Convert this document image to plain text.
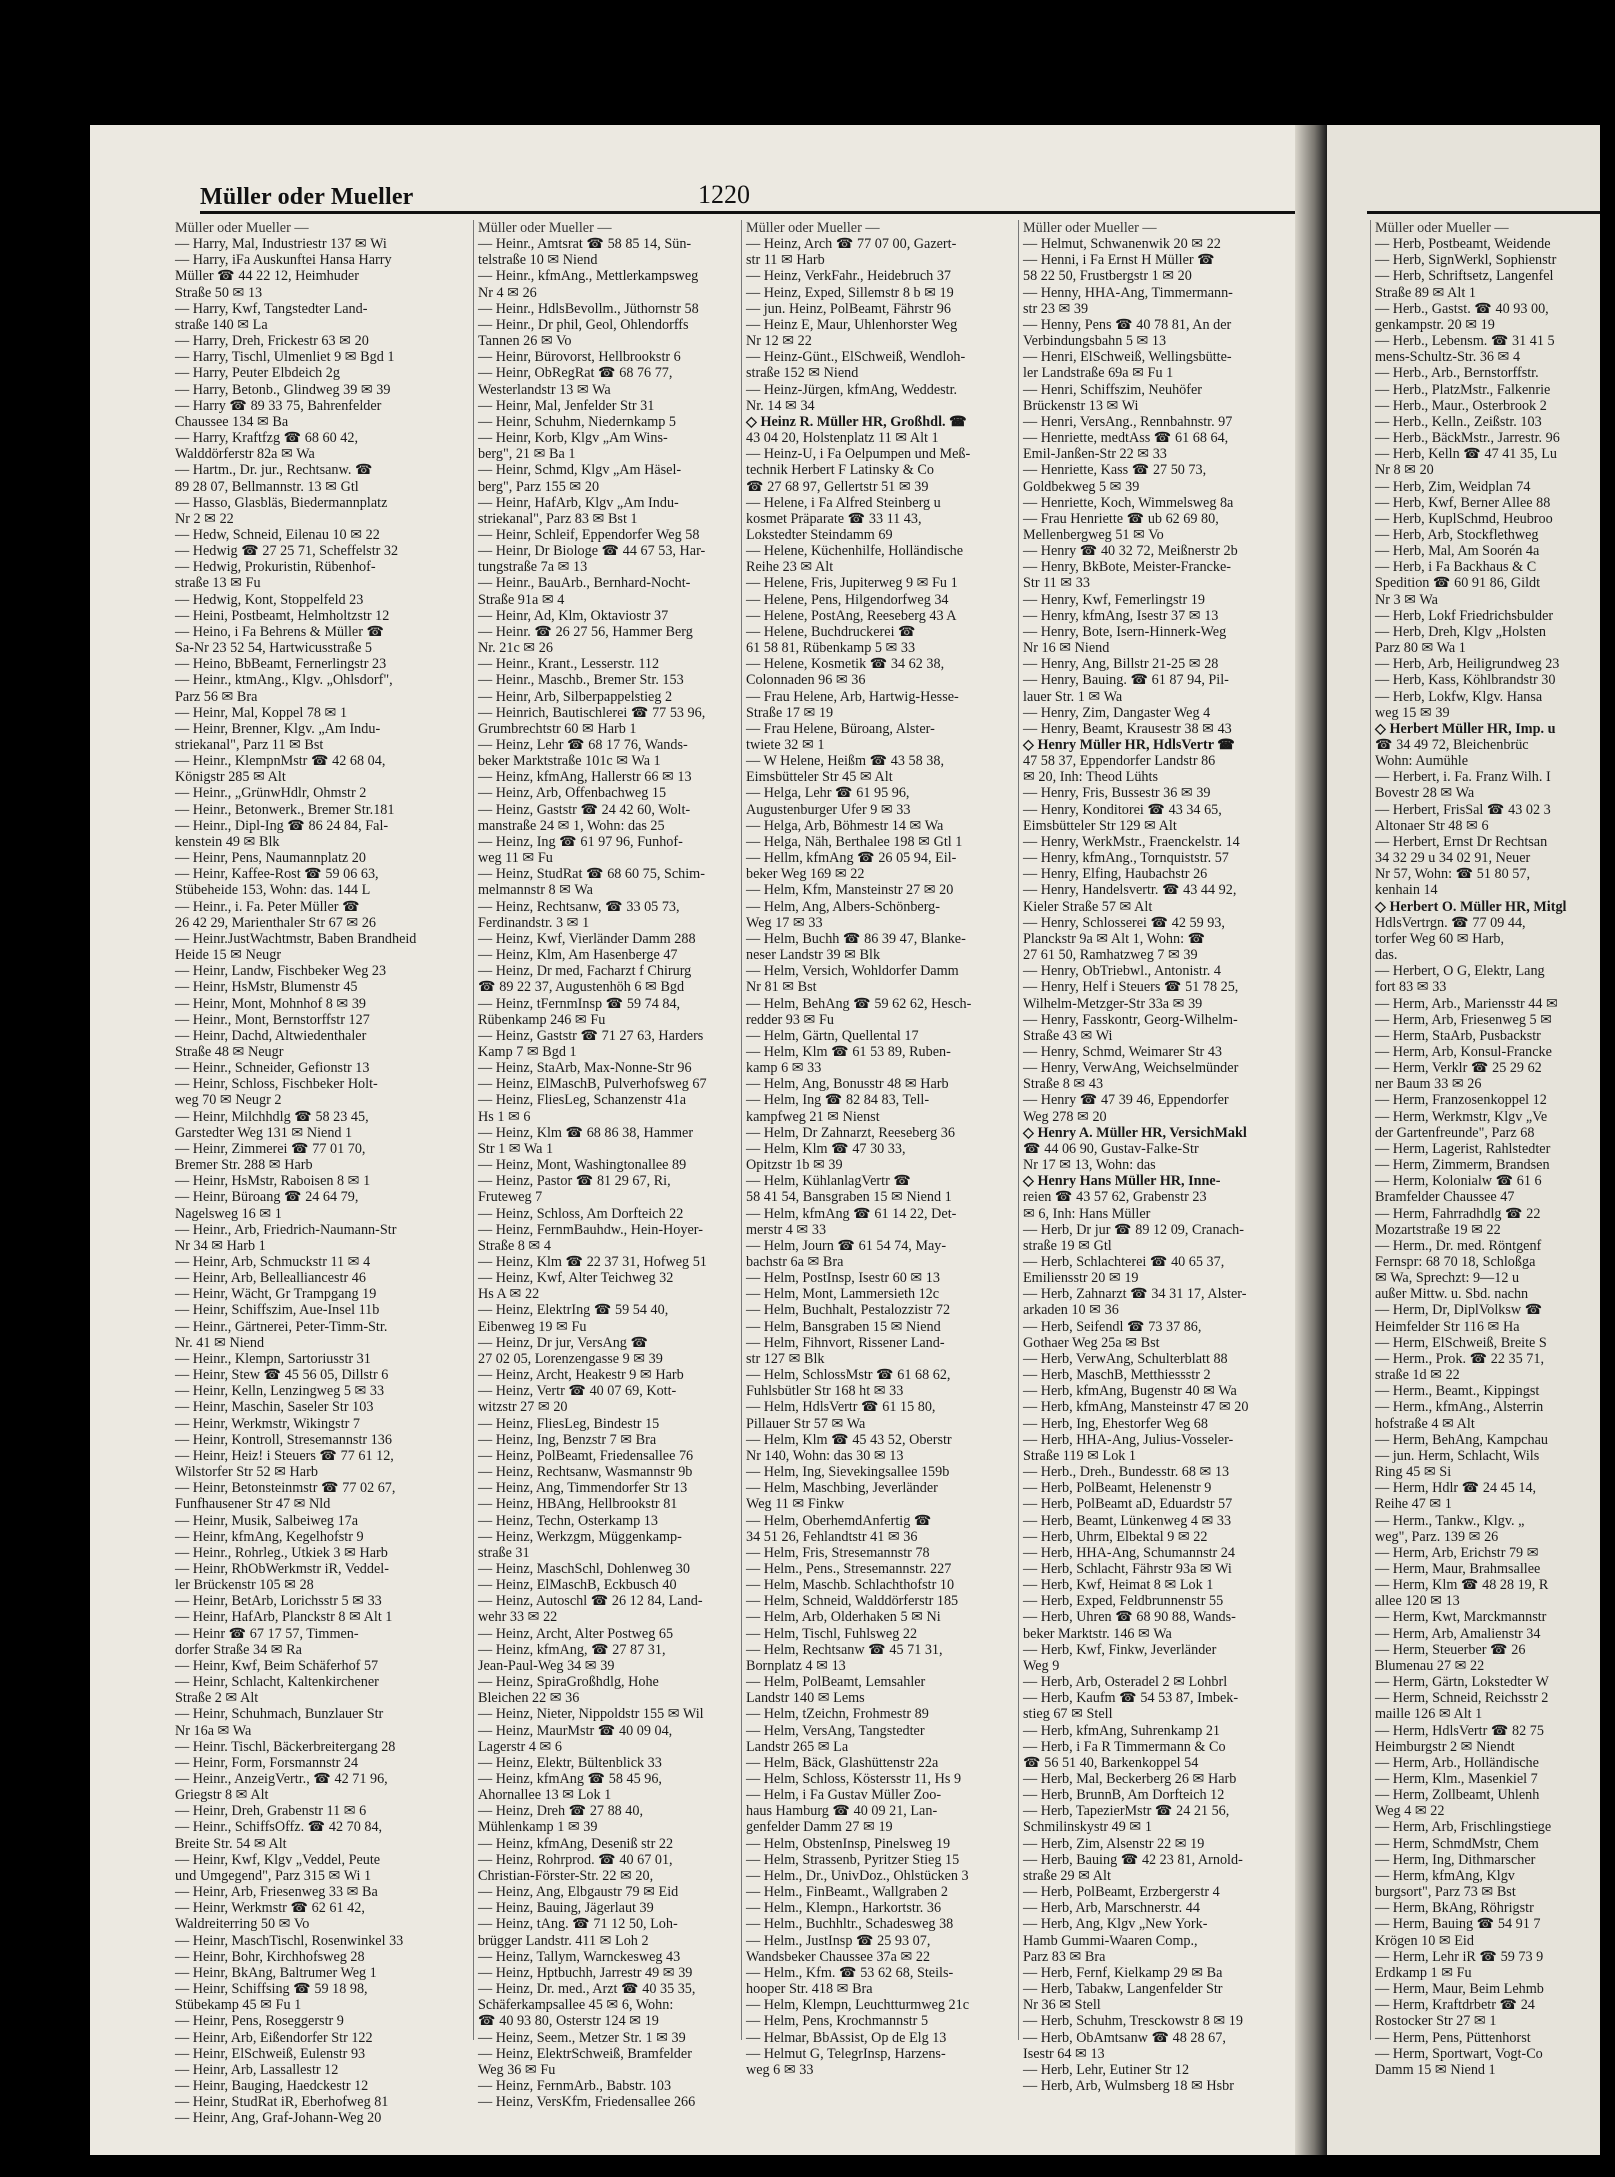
Müller oder Mueller	1220
Müller oder Mueller —
— Harry, Mal, Industriestr 137 ✉ Wi
— Harry, iFa Auskunftei Hansa Harry
Müller ☎ 44 22 12, Heimhuder
Straße 50 ✉ 13
— Harry, Kwf, Tangstedter Land-
straße 140 ✉ La
— Harry, Dreh, Frickestr 63 ✉ 20
— Harry, Tischl, Ulmenliet 9 ✉ Bgd 1
— Harry, Peuter Elbdeich 2g
— Harry, Betonb., Glindweg 39 ✉ 39
— Harry ☎ 89 33 75, Bahrenfelder
Chaussee 134 ✉ Ba
— Harry, Kraftfzg ☎ 68 60 42,
Walddörferstr 82a ✉ Wa
— Hartm., Dr. jur., Rechtsanw. ☎
89 28 07, Bellmannstr. 13 ✉ Gtl
— Hasso, Glasbläs, Biedermannplatz
Nr 2 ✉ 22
— Hedw, Schneid, Eilenau 10 ✉ 22
— Hedwig ☎ 27 25 71, Scheffelstr 32
— Hedwig, Prokuristin, Rübenhof-
straße 13 ✉ Fu
— Hedwig, Kont, Stoppelfeld 23
— Heini, Postbeamt, Helmholtzstr 12
— Heino, i Fa Behrens & Müller ☎
Sa-Nr 23 52 54, Hartwicusstraße 5
— Heino, BbBeamt, Fernerlingstr 23
— Heinr., ktmAng., Klgv. „Ohlsdorf",
Parz 56 ✉ Bra
— Heinr, Mal, Koppel 78 ✉ 1
— Heinr, Brenner, Klgv. „Am Indu-
striekanal", Parz 11 ✉ Bst
— Heinr., KlempnMstr ☎ 42 68 04,
Königstr 285 ✉ Alt
— Heinr., „GrünwHdlr, Ohmstr 2
— Heinr., Betonwerk., Bremer Str.181
— Heinr., Dipl-Ing ☎ 86 24 84, Fal-
kenstein 49 ✉ Blk
— Heinr, Pens, Naumannplatz 20
— Heinr, Kaffee-Rost ☎ 59 06 63,
Stübeheide 153, Wohn: das. 144 L
— Heinr., i. Fa. Peter Müller ☎
26 42 29, Marienthaler Str 67 ✉ 26
— Heinr.JustWachtmstr, Baben Brandheid
Heide 15 ✉ Neugr
— Heinr, Landw, Fischbeker Weg 23
— Heinr, HsMstr, Blumenstr 45
— Heinr, Mont, Mohnhof 8 ✉ 39
— Heinr., Mont, Bernstorffstr 127
— Heinr, Dachd, Altwiedenthaler
Straße 48 ✉ Neugr
— Heinr., Schneider, Gefionstr 13
— Heinr, Schloss, Fischbeker Holt-
weg 70 ✉ Neugr 2
— Heinr, Milchhdlg ☎ 58 23 45,
Garstedter Weg 131 ✉ Niend 1
— Heinr, Zimmerei ☎ 77 01 70,
Bremer Str. 288 ✉ Harb
— Heinr, HsMstr, Raboisen 8 ✉ 1
— Heinr, Büroang ☎ 24 64 79,
Nagelsweg 16 ✉ 1
— Heinr., Arb, Friedrich-Naumann-Str
Nr 34 ✉ Harb 1
— Heinr, Arb, Schmuckstr 11 ✉ 4
— Heinr, Arb, Bellealliancestr 46
— Heinr, Wächt, Gr Trampgang 19
— Heinr, Schiffszim, Aue-Insel 11b
— Heinr., Gärtnerei, Peter-Timm-Str.
Nr. 41 ✉ Niend
— Heinr., Klempn, Sartoriusstr 31
— Heinr, Stew ☎ 45 56 05, Dillstr 6
— Heinr, Kelln, Lenzingweg 5 ✉ 33
— Heinr, Maschin, Saseler Str 103
— Heinr, Werkmstr, Wikingstr 7
— Heinr, Kontroll, Stresemannstr 136
— Heinr, Heiz! i Steuers ☎ 77 61 12,
Wilstorfer Str 52 ✉ Harb
— Heinr, Betonsteinmstr ☎ 77 02 67,
Funfhausener Str 47 ✉ Nld
— Heinr, Musik, Salbeiweg 17a
— Heinr, kfmAng, Kegelhofstr 9
— Heinr., Rohrleg., Utkiek 3 ✉ Harb
— Heinr, RhObWerkmstr iR, Veddel-
ler Brückenstr 105 ✉ 28
— Heinr, BetArb, Lorichsstr 5 ✉ 33
— Heinr, HafArb, Planckstr 8 ✉ Alt 1
— Heinr ☎ 67 17 57, Timmen-
dorfer Straße 34 ✉ Ra
— Heinr, Kwf, Beim Schäferhof 57
— Heinr, Schlacht, Kaltenkirchener
Straße 2 ✉ Alt
— Heinr, Schuhmach, Bunzlauer Str
Nr 16a ✉ Wa
— Heinr. Tischl, Bäckerbreitergang 28
— Heinr, Form, Forsmannstr 24
— Heinr., AnzeigVertr., ☎ 42 71 96,
Griegstr 8 ✉ Alt
— Heinr, Dreh, Grabenstr 11 ✉ 6
— Heinr., SchiffsOffz. ☎ 42 70 84,
Breite Str. 54 ✉ Alt
— Heinr, Kwf, Klgv „Veddel, Peute
und Umgegend", Parz 315 ✉ Wi 1
— Heinr, Arb, Friesenweg 33 ✉ Ba
— Heinr, Werkmstr ☎ 62 61 42,
Waldreiterring 50 ✉ Vo
— Heinr, MaschTischl, Rosenwinkel 33
— Heinr, Bohr, Kirchhofsweg 28
— Heinr, BkAng, Baltrumer Weg 1
— Heinr, Schiffsing ☎ 59 18 98,
Stübekamp 45 ✉ Fu 1
— Heinr, Pens, Roseggerstr 9
— Heinr, Arb, Eißendorfer Str 122
— Heinr, ElSchweiß, Eulenstr 93
— Heinr, Arb, Lassallestr 12
— Heinr, Bauging, Haedckestr 12
— Heinr, StudRat iR, Eberhofweg 81
— Heinr, Ang, Graf-Johann-Weg 20
Müller oder Mueller —
— Heinr., Amtsrat ☎ 58 85 14, Sün-
telstraße 10 ✉ Niend
— Heinr., kfmAng., Mettlerkampsweg
Nr 4 ✉ 26
— Heinr., HdlsBevollm., Jüthornstr 58
— Heinr., Dr phil, Geol, Ohlendorffs
Tannen 26 ✉ Vo
— Heinr, Bürovorst, Hellbrookstr 6
— Heinr, ObRegRat ☎ 68 76 77,
Westerlandstr 13 ✉ Wa
— Heinr, Mal, Jenfelder Str 31
— Heinr, Schuhm, Niedernkamp 5
— Heinr, Korb, Klgv „Am Wins-
berg", 21 ✉ Ba 1
— Heinr, Schmd, Klgv „Am Häsel-
berg", Parz 155 ✉ 20
— Heinr, HafArb, Klgv „Am Indu-
striekanal", Parz 83 ✉ Bst 1
— Heinr, Schleif, Eppendorfer Weg 58
— Heinr, Dr Biologe ☎ 44 67 53, Har-
tungstraße 7a ✉ 13
— Heinr., BauArb., Bernhard-Nocht-
Straße 91a ✉ 4
— Heinr, Ad, Klm, Oktaviostr 37
— Heinr. ☎ 26 27 56, Hammer Berg
Nr. 21c ✉ 26
— Heinr., Krant., Lesserstr. 112
— Heinr., Maschb., Bremer Str. 153
— Heinr, Arb, Silberpappelstieg 2
— Heinrich, Bautischlerei ☎ 77 53 96,
Grumbrechtstr 60 ✉ Harb 1
— Heinz, Lehr ☎ 68 17 76, Wands-
beker Marktstraße 101c ✉ Wa 1
— Heinz, kfmAng, Hallerstr 66 ✉ 13
— Heinz, Arb, Offenbachweg 15
— Heinz, Gaststr ☎ 24 42 60, Wolt-
manstraße 24 ✉ 1, Wohn: das 25
— Heinz, Ing ☎ 61 97 96, Funhof-
weg 11 ✉ Fu
— Heinz, StudRat ☎ 68 60 75, Schim-
melmannstr 8 ✉ Wa
— Heinz, Rechtsanw, ☎ 33 05 73,
Ferdinandstr. 3 ✉ 1
— Heinz, Kwf, Vierländer Damm 288
— Heinz, Klm, Am Hasenberge 47
— Heinz, Dr med, Facharzt f Chirurg
☎ 89 22 37, Augustenhöh 6 ✉ Bgd
— Heinz, tFernmInsp ☎ 59 74 84,
Rübenkamp 246 ✉ Fu
— Heinz, Gaststr ☎ 71 27 63, Harders
Kamp 7 ✉ Bgd 1
— Heinz, StaArb, Max-Nonne-Str 96
— Heinz, ElMaschB, Pulverhofsweg 67
— Heinz, FliesLeg, Schanzenstr 41a
Hs 1 ✉ 6
— Heinz, Klm ☎ 68 86 38, Hammer
Str 1 ✉ Wa 1
— Heinz, Mont, Washingtonallee 89
— Heinz, Pastor ☎ 81 29 67, Ri,
Fruteweg 7
— Heinz, Schloss, Am Dorfteich 22
— Heinz, FernmBauhdw., Hein-Hoyer-
Straße 8 ✉ 4
— Heinz, Klm ☎ 22 37 31, Hofweg 51
— Heinz, Kwf, Alter Teichweg 32
Hs A ✉ 22
— Heinz, ElektrIng ☎ 59 54 40,
Eibenweg 19 ✉ Fu
— Heinz, Dr jur, VersAng ☎
27 02 05, Lorenzengasse 9 ✉ 39
— Heinz, Archt, Heakestr 9 ✉ Harb
— Heinz, Vertr ☎ 40 07 69, Kott-
witzstr 27 ✉ 20
— Heinz, FliesLeg, Bindestr 15
— Heinz, Ing, Benzstr 7 ✉ Bra
— Heinz, PolBeamt, Friedensallee 76
— Heinz, Rechtsanw, Wasmannstr 9b
— Heinz, Ang, Timmendorfer Str 13
— Heinz, HBAng, Hellbrookstr 81
— Heinz, Techn, Osterkamp 13
— Heinz, Werkzgm, Müggenkamp-
straße 31
— Heinz, MaschSchl, Dohlenweg 30
— Heinz, ElMaschB, Eckbusch 40
— Heinz, Autoschl ☎ 26 12 84, Land-
wehr 33 ✉ 22
— Heinz, Archt, Alter Postweg 65
— Heinz, kfmAng, ☎ 27 87 31,
Jean-Paul-Weg 34 ✉ 39
— Heinz, SpiraGroßhdlg, Hohe
Bleichen 22 ✉ 36
— Heinz, Nieter, Nippoldstr 155 ✉ Wil
— Heinz, MaurMstr ☎ 40 09 04,
Lagerstr 4 ✉ 6
— Heinz, Elektr, Bültenblick 33
— Heinz, kfmAng ☎ 58 45 96,
Ahornallee 13 ✉ Lok 1
— Heinz, Dreh ☎ 27 88 40,
Mühlenkamp 1 ✉ 39
— Heinz, kfmAng, Deseniß str 22
— Heinz, Rohrprod. ☎ 40 67 01,
Christian-Förster-Str. 22 ✉ 20,
— Heinz, Ang, Elbgaustr 79 ✉ Eid
— Heinz, Bauing, Jägerlaut 39
— Heinz, tAng. ☎ 71 12 50, Loh-
brügger Landstr. 411 ✉ Loh 2
— Heinz, Tallym, Warnckesweg 43
— Heinz, Hptbuchh, Jarrestr 49 ✉ 39
— Heinz, Dr. med., Arzt ☎ 40 35 35,
Schäferkampsallee 45 ✉ 6, Wohn:
☎ 40 93 80, Osterstr 124 ✉ 19
— Heinz, Seem., Metzer Str. 1 ✉ 39
— Heinz, ElektrSchweiß, Bramfelder
Weg 36 ✉ Fu
— Heinz, FernmArb., Babstr. 103
— Heinz, VersKfm, Friedensallee 266
Müller oder Mueller —
— Heinz, Arch ☎ 77 07 00, Gazert-
str 11 ✉ Harb
— Heinz, VerkFahr., Heidebruch 37
— Heinz, Exped, Sillemstr 8 b ✉ 19
— jun. Heinz, PolBeamt, Fährstr 96
— Heinz E, Maur, Uhlenhorster Weg
Nr 12 ✉ 22
— Heinz-Günt., ElSchweiß, Wendloh-
straße 152 ✉ Niend
— Heinz-Jürgen, kfmAng, Weddestr.
Nr. 14 ✉ 34
◇ Heinz R. Müller HR, Großhdl. ☎
43 04 20, Holstenplatz 11 ✉ Alt 1
— Heinz-U, i Fa Oelpumpen und Meß-
technik Herbert F Latinsky & Co
☎ 27 68 97, Gellertstr 51 ✉ 39
— Helene, i Fa Alfred Steinberg u
kosmet Präparate ☎ 33 11 43,
Lokstedter Steindamm 69
— Helene, Küchenhilfe, Holländische
Reihe 23 ✉ Alt
— Helene, Fris, Jupiterweg 9 ✉ Fu 1
— Helene, Pens, Hilgendorfweg 34
— Helene, PostAng, Reeseberg 43 A
— Helene, Buchdruckerei ☎
61 58 81, Rübenkamp 5 ✉ 33
— Helene, Kosmetik ☎ 34 62 38,
Colonnaden 96 ✉ 36
— Frau Helene, Arb, Hartwig-Hesse-
Straße 17 ✉ 19
— Frau Helene, Büroang, Alster-
twiete 32 ✉ 1
— W Helene, Heißm ☎ 43 58 38,
Eimsbütteler Str 45 ✉ Alt
— Helga, Lehr ☎ 61 95 96,
Augustenburger Ufer 9 ✉ 33
— Helga, Arb, Böhmestr 14 ✉ Wa
— Helga, Näh, Berthalee 198 ✉ Gtl 1
— Hellm, kfmAng ☎ 26 05 94, Eil-
beker Weg 169 ✉ 22
— Helm, Kfm, Mansteinstr 27 ✉ 20
— Helm, Ang, Albers-Schönberg-
Weg 17 ✉ 33
— Helm, Buchh ☎ 86 39 47, Blanke-
neser Landstr 39 ✉ Blk
— Helm, Versich, Wohldorfer Damm
Nr 81 ✉ Bst
— Helm, BehAng ☎ 59 62 62, Hesch-
redder 93 ✉ Fu
— Helm, Gärtn, Quellental 17
— Helm, Klm ☎ 61 53 89, Ruben-
kamp 6 ✉ 33
— Helm, Ang, Bonusstr 48 ✉ Harb
— Helm, Ing ☎ 82 84 83, Tell-
kampfweg 21 ✉ Nienst
— Helm, Dr Zahnarzt, Reeseberg 36
— Helm, Klm ☎ 47 30 33,
Opitzstr 1b ✉ 39
— Helm, KühlanlagVertr ☎
58 41 54, Bansgraben 15 ✉ Niend 1
— Helm, kfmAng ☎ 61 14 22, Det-
merstr 4 ✉ 33
— Helm, Journ ☎ 61 54 74, May-
bachstr 6a ✉ Bra
— Helm, PostInsp, Isestr 60 ✉ 13
— Helm, Mont, Lammersieth 12c
— Helm, Buchhalt, Pestalozzistr 72
— Helm, Bansgraben 15 ✉ Niend
— Helm, Fihnvort, Rissener Land-
str 127 ✉ Blk
— Helm, SchlossMstr ☎ 61 68 62,
Fuhlsbütler Str 168 ht ✉ 33
— Helm, HdlsVertr ☎ 61 15 80,
Pillauer Str 57 ✉ Wa
— Helm, Klm ☎ 45 43 52, Oberstr
Nr 140, Wohn: das 30 ✉ 13
— Helm, Ing, Sievekingsallee 159b
— Helm, Maschbing, Jeverländer
Weg 11 ✉ Finkw
— Helm, OberhemdAnfertig ☎
34 51 26, Fehlandtstr 41 ✉ 36
— Helm, Fris, Stresemannstr 78
— Helm., Pens., Stresemannstr. 227
— Helm, Maschb. Schlachthofstr 10
— Helm, Schneid, Walddörferstr 185
— Helm, Arb, Olderhaken 5 ✉ Ni
— Helm, Tischl, Fuhlsweg 22
— Helm, Rechtsanw ☎ 45 71 31,
Bornplatz 4 ✉ 13
— Helm, PolBeamt, Lemsahler
Landstr 140 ✉ Lems
— Helm, tZeichn, Frohmestr 89
— Helm, VersAng, Tangstedter
Landstr 265 ✉ La
— Helm, Bäck, Glashüttenstr 22a
— Helm, Schloss, Köstersstr 11, Hs 9
— Helm, i Fa Gustav Müller Zoo-
haus Hamburg ☎ 40 09 21, Lan-
genfelder Damm 27 ✉ 19
— Helm, ObstenInsp, Pinelsweg 19
— Helm, Strassenb, Pyritzer Stieg 15
— Helm., Dr., UnivDoz., Ohlstücken 3
— Helm., FinBeamt., Wallgraben 2
— Helm., Klempn., Harkortstr. 36
— Helm., Buchhltr., Schadesweg 38
— Helm., JustInsp ☎ 25 93 07,
Wandsbeker Chaussee 37a ✉ 22
— Helm., Kfm. ☎ 53 62 68, Steils-
hooper Str. 418 ✉ Bra
— Helm, Klempn, Leuchtturmweg 21c
— Helm, Pens, Krochmannstr 5
— Helmar, BbAssist, Op de Elg 13
— Helmut G, TelegrInsp, Harzens-
weg 6 ✉ 33
Müller oder Mueller —
— Helmut, Schwanenwik 20 ✉ 22
— Henni, i Fa Ernst H Müller ☎
58 22 50, Frustbergstr 1 ✉ 20
— Henny, HHA-Ang, Timmermann-
str 23 ✉ 39
— Henny, Pens ☎ 40 78 81, An der
Verbindungsbahn 5 ✉ 13
— Henri, ElSchweiß, Wellingsbütte-
ler Landstraße 69a ✉ Fu 1
— Henri, Schiffszim, Neuhöfer
Brückenstr 13 ✉ Wi
— Henri, VersAng., Rennbahnstr. 97
— Henriette, medtAss ☎ 61 68 64,
Emil-Janßen-Str 22 ✉ 33
— Henriette, Kass ☎ 27 50 73,
Goldbekweg 5 ✉ 39
— Henriette, Koch, Wimmelsweg 8a
— Frau Henriette ☎ ub 62 69 80,
Mellenbergweg 51 ✉ Vo
— Henry ☎ 40 32 72, Meißnerstr 2b
— Henry, BkBote, Meister-Francke-
Str 11 ✉ 33
— Henry, Kwf, Femerlingstr 19
— Henry, kfmAng, Isestr 37 ✉ 13
— Henry, Bote, Isern-Hinnerk-Weg
Nr 16 ✉ Niend
— Henry, Ang, Billstr 21-25 ✉ 28
— Henry, Bauing. ☎ 61 87 94, Pil-
lauer Str. 1 ✉ Wa
— Henry, Zim, Dangaster Weg 4
— Henry, Beamt, Krausestr 38 ✉ 43
◇ Henry Müller HR, HdlsVertr ☎
47 58 37, Eppendorfer Landstr 86
✉ 20, Inh: Theod Lühts
— Henry, Fris, Bussestr 36 ✉ 39
— Henry, Konditorei ☎ 43 34 65,
Eimsbütteler Str 129 ✉ Alt
— Henry, WerkMstr., Fraenckelstr. 14
— Henry, kfmAng., Tornquiststr. 57
— Henry, Elfing, Haubachstr 26
— Henry, Handelsvertr. ☎ 43 44 92,
Kieler Straße 57 ✉ Alt
— Henry, Schlosserei ☎ 42 59 93,
Planckstr 9a ✉ Alt 1, Wohn: ☎
27 61 50, Ramhatzweg 7 ✉ 39
— Henry, ObTriebwl., Antonistr. 4
— Henry, Helf i Steuers ☎ 51 78 25,
Wilhelm-Metzger-Str 33a ✉ 39
— Henry, Fasskontr, Georg-Wilhelm-
Straße 43 ✉ Wi
— Henry, Schmd, Weimarer Str 43
— Henry, VerwAng, Weichselmünder
Straße 8 ✉ 43
— Henry ☎ 47 39 46, Eppendorfer
Weg 278 ✉ 20
◇ Henry A. Müller HR, VersichMakl
☎ 44 06 90, Gustav-Falke-Str
Nr 17 ✉ 13, Wohn: das
◇ Henry Hans Müller HR, Inne-
reien ☎ 43 57 62, Grabenstr 23
✉ 6, Inh: Hans Müller
— Herb, Dr jur ☎ 89 12 09, Cranach-
straße 19 ✉ Gtl
— Herb, Schlachterei ☎ 40 65 37,
Emiliensstr 20 ✉ 19
— Herb, Zahnarzt ☎ 34 31 17, Alster-
arkaden 10 ✉ 36
— Herb, Seifendl ☎ 73 37 86,
Gothaer Weg 25a ✉ Bst
— Herb, VerwAng, Schulterblatt 88
— Herb, MaschB, Metthiessstr 2
— Herb, kfmAng, Bugenstr 40 ✉ Wa
— Herb, kfmAng, Mansteinstr 47 ✉ 20
— Herb, Ing, Ehestorfer Weg 68
— Herb, HHA-Ang, Julius-Vosseler-
Straße 119 ✉ Lok 1
— Herb., Dreh., Bundesstr. 68 ✉ 13
— Herb, PolBeamt, Helenenstr 9
— Herb, PolBeamt aD, Eduardstr 57
— Herb, Beamt, Lünkenweg 4 ✉ 33
— Herb, Uhrm, Elbektal 9 ✉ 22
— Herb, HHA-Ang, Schumannstr 24
— Herb, Schlacht, Fährstr 93a ✉ Wi
— Herb, Kwf, Heimat 8 ✉ Lok 1
— Herb, Exped, Feldbrunnenstr 55
— Herb, Uhren ☎ 68 90 88, Wands-
beker Marktstr. 146 ✉ Wa
— Herb, Kwf, Finkw, Jeverländer
Weg 9
— Herb, Arb, Osteradel 2 ✉ Lohbrl
— Herb, Kaufm ☎ 54 53 87, Imbek-
stieg 67 ✉ Stell
— Herb, kfmAng, Suhrenkamp 21
— Herb, i Fa R Timmermann & Co
☎ 56 51 40, Barkenkoppel 54
— Herb, Mal, Beckerberg 26 ✉ Harb
— Herb, BrunnB, Am Dorfteich 12
— Herb, TapezierMstr ☎ 24 21 56,
Schmilinskystr 49 ✉ 1
— Herb, Zim, Alsenstr 22 ✉ 19
— Herb, Bauing ☎ 42 23 81, Arnold-
straße 29 ✉ Alt
— Herb, PolBeamt, Erzbergerstr 4
— Herb, Arb, Marschnerstr. 44
— Herb, Ang, Klgv „New York-
Hamb Gummi-Waaren Comp.,
Parz 83 ✉ Bra
— Herb, Fernf, Kielkamp 29 ✉ Ba
— Herb, Tabakw, Langenfelder Str
Nr 36 ✉ Stell
— Herb, Schuhm, Tresckowstr 8 ✉ 19
— Herb, ObAmtsanw ☎ 48 28 67,
Isestr 64 ✉ 13
— Herb, Lehr, Eutiner Str 12
— Herb, Arb, Wulmsberg 18 ✉ Hsbr
Müller oder Mueller —
— Herb, Postbeamt, Weidende
— Herb, SignWerkl, Sophienstr
— Herb, Schriftsetz, Langenfel
Straße 89 ✉ Alt 1
— Herb., Gastst. ☎ 40 93 00,
genkampstr. 20 ✉ 19
— Herb., Lebensm. ☎ 31 41 5
mens-Schultz-Str. 36 ✉ 4
— Herb., Arb., Bernstorffstr.
— Herb., PlatzMstr., Falkenrie
— Herb., Maur., Osterbrook 2
— Herb., Kelln., Zeißstr. 103
— Herb., BäckMstr., Jarrestr. 96
— Herb, Kelln ☎ 47 41 35, Lu
Nr 8 ✉ 20
— Herb, Zim, Weidplan 74
— Herb, Kwf, Berner Allee 88
— Herb, KuplSchmd, Heubroo
— Herb, Arb, Stockflethweg
— Herb, Mal, Am Soorén 4a
— Herb, i Fa Backhaus & C
Spedition ☎ 60 91 86, Gildt
Nr 3 ✉ Wa
— Herb, Lokf Friedrichsbulder
— Herb, Dreh, Klgv „Holsten
Parz 80 ✉ Wa 1
— Herb, Arb, Heiligrundweg 23
— Herb, Kass, Köhlbrandstr 30
— Herb, Lokfw, Klgv. Hansa
weg 15 ✉ 39
◇ Herbert Müller HR, Imp. u
☎ 34 49 72, Bleichenbrüc
Wohn: Aumühle
— Herbert, i. Fa. Franz Wilh. I
Bovestr 28 ✉ Wa
— Herbert, FrisSal ☎ 43 02 3
Altonaer Str 48 ✉ 6
— Herbert, Ernst Dr Rechtsan
34 32 29 u 34 02 91, Neuer
Nr 57, Wohn: ☎ 51 80 57,
kenhain 14
◇ Herbert O. Müller HR, Mitgl
HdlsVertrgn. ☎ 77 09 44,
torfer Weg 60 ✉ Harb,
das.
— Herbert, O G, Elektr, Lang
fort 83 ✉ 33
— Herm, Arb., Mariensstr 44 ✉
— Herm, Arb, Friesenweg 5 ✉
— Herm, StaArb, Pusbackstr
— Herm, Arb, Konsul-Francke
— Herm, Verklr ☎ 25 29 62
ner Baum 33 ✉ 26
— Herm, Franzosenkoppel 12
— Herm, Werkmstr, Klgv „Ve
der Gartenfreunde", Parz 68
— Herm, Lagerist, Rahlstedter
— Herm, Zimmerm, Brandsen
— Herm, Kolonialw ☎ 61 6
Bramfelder Chaussee 47
— Herm, Fahrradhdlg ☎ 22
Mozartstraße 19 ✉ 22
— Herm., Dr. med. Röntgenf
Fernspr: 68 70 18, Schloßga
✉ Wa, Sprechzt: 9—12 u
außer Mittw. u. Sbd. nachn
— Herm, Dr, DiplVolksw ☎
Heimfelder Str 116 ✉ Ha
— Herm, ElSchweiß, Breite S
— Herm., Prok. ☎ 22 35 71,
straße 1d ✉ 22
— Herm., Beamt., Kippingst
— Herm., kfmAng., Alsterrin
hofstraße 4 ✉ Alt
— Herm, BehAng, Kampchau
— jun. Herm, Schlacht, Wils
Ring 45 ✉ Si
— Herm, Hdlr ☎ 24 45 14,
Reihe 47 ✉ 1
— Herm., Tankw., Klgv. „
weg", Parz. 139 ✉ 26
— Herm, Arb, Erichstr 79 ✉
— Herm, Maur, Brahmsallee
— Herm, Klm ☎ 48 28 19, R
allee 120 ✉ 13
— Herm, Kwt, Marckmannstr
— Herm, Arb, Amalienstr 34
— Herm, Steuerber ☎ 26
Blumenau 27 ✉ 22
— Herm, Gärtn, Lokstedter W
— Herm, Schneid, Reichsstr 2
maille 126 ✉ Alt 1
— Herm, HdlsVertr ☎ 82 75
Heimburgstr 2 ✉ Niendt
— Herm, Arb., Holländische
— Herm, Klm., Masenkiel 7
— Herm, Zollbeamt, Uhlenh
Weg 4 ✉ 22
— Herm, Arb, Frischlingstiege
— Herm, SchmdMstr, Chem
— Herm, Ing, Dithmarscher
— Herm, kfmAng, Klgv
burgsort", Parz 73 ✉ Bst
— Herm, BkAng, Röhrigstr
— Herm, Bauing ☎ 54 91 7
Krögen 10 ✉ Eid
— Herm, Lehr iR ☎ 59 73 9
Erdkamp 1 ✉ Fu
— Herm, Maur, Beim Lehmb
— Herm, Kraftdrbetr ☎ 24
Rostocker Str 27 ✉ 1
— Herm, Pens, Püttenhorst
— Herm, Sportwart, Vogt-Co
Damm 15 ✉ Niend 1
